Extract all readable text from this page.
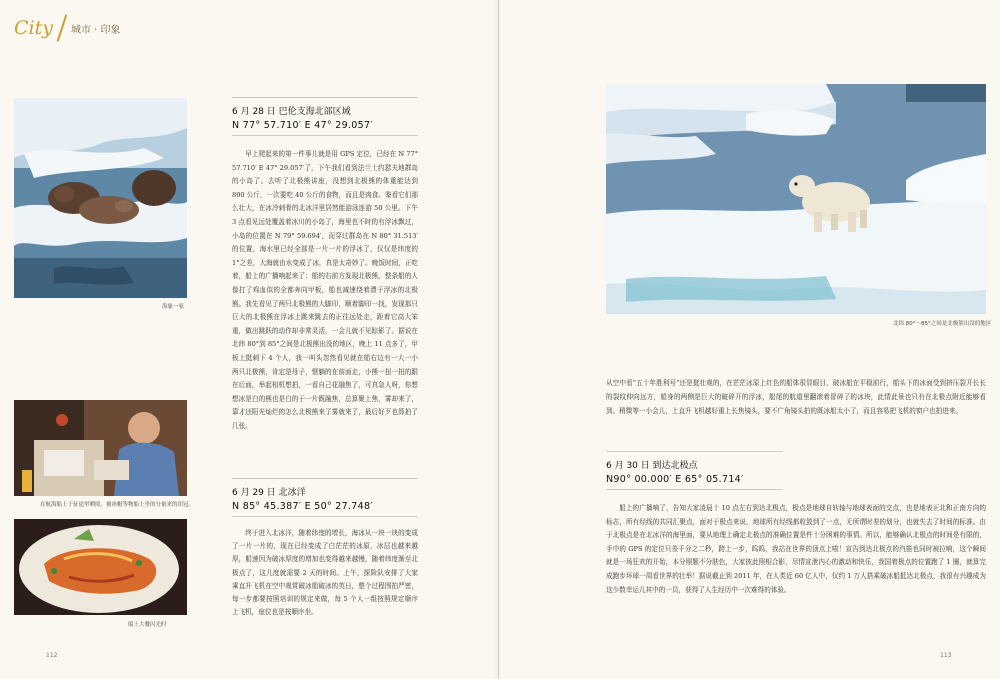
City 城市 · 印象
海象一家
在航海船上于征途里晒照、被冰帽等物船上坐的分量来的印冠。
船上大餐闪光时
6 月 28 日 巴伦支海北部区域
N 77° 57.710′ E 47° 29.057′

早上爬起来的第一件事儿就是用 GPS 定位，已经在 N 77° 57.710′ E 47° 29.057′了，下午我们看到法兰士约瑟夫地群岛的小岛了。去听了北极熊讲座，没想到北极熊的体重能达到 800 公斤，一次要吃 40 公斤的食物，而且是肉食。鉴看它们那么壮大，在冰冷刺骨的北冰洋里居然能游泳连游 50 公里。下午 3 点看见远处覆盖着冰川的小岛了，海里也不时的有浮冰飘过，小岛的位置在 N 79° 59.694′，而穿过群岛在 N 80° 31.513′的位置，海水里已经全部是一片一片的浮冰了，仅仅是纬度的 1°之差，大海就由水变成了冰，真是太奇妙了。晚饭时间，正吃着，船上的广播响起来了：船的右前方发现北极熊，整条船的人像打了鸡血似的全都奔向甲板，船也减速绕着漂于浮冰的北极熊。我先看见了两只北极熊的大脚印，顺着脚印一找，发现那只巨大的北极熊在浮冰上跳来跳去的正往远处走，距着它高大笨重，做出跳跃的动作却非常灵活，一会儿就不见踪影了。据说在北纬 80°到 85°之间是北极熊出没的地区，晚上 11 点多了，甲板上挺刺下 4 个人，我一叫头忽然看见就在船右边有一大一小两只北极熊，肯定是母子，惬躺的在前面走，小熊一扭一扭的跟在后面，举起相机想拍，一看自己花融焦了，可真急人呀，你想想冰是白的熊也是白的于一片既融焦，总算聚上焦，雾却来了，靠才还阳光灿烂的怎么北极熊来了雾就来了，最后好歹也算拍了几张。

6 月 29 日 北冰洋
N 85° 45.387′ E 50° 27.748′

终于进入北冰洋，随着纬度的增长，海冰从一块一块的变成了一片一片的，现在已经变成了白茫茫的冰原，冰层也越来越厚，船速因为破冰厚度的增加也变得越来越慢，随着纬度渐至北极点了，这儿度就需要 2 天的时间。上午，探险队安排了大家乘直升飞机在空中观赏破冰船破冰的英日，整个过程围拍严密，每一步都要按照培训的规定来做，每 5 个人一组按照规定顺序上飞机，座位也是按顺序坐。

112
北纬 80°～85°之间是北极熊出没的地区

从空中看“五十年胜利号”还是挺壮观的，在茫茫冰原上红色的船体很显眼目，破冰船在平稳前行，船头下的冰面受到挤压裂开长长的裂纹伸向远方，船身的两侧是巨大的破碎开的浮冰，船尾的航道里翻滚着冒碎了的冰块，此情此景也只有在北极点附近能够看到。稍微等一小会儿，上直升飞机越好重上长焦镜头，要不广角镜头拍的既冰船太小了，而且容易把飞机的窗户也拍进来。

6 月 30 日 到达北极点
N90° 00.000′ E 65° 05.714′

船上的广播响了，告知大家凌晨十 10 点左右到达北极点，极点是地球自转轴与地球表面的交点，也是地表正北和正南方向的标志，所有经线的共同汇聚点，面对于极点来说，地球所有经线都收敛到了一点，无所谓时差的划分，也就失去了时间的标准。由于北极点是在北冰洋的海里面，要从地理上确定北极点的准确位置是件十分困难的事情。所以，能够确认北极点的时间是有限的，手中的 GPS 的定位只差千分之二秒，跨上一步，呜呜，我站在世界的顶点上啦！宣告到达北极点的汽笛也同时被拉响，这个瞬间就是一场狂欢的开始，本分照题不分肤色，大家彼此照相合影，尽情宣泄内心的激动和快乐，我国着极点的位置跑了 1 圈，就算完成跑步环球一周看世界的壮举！据说截止到 2011 年，在人类近 60 亿人中，仅约 1 万人搭乘破冰船抵达北极点，我很有兴趣成为这少数幸运儿其中的一员，获得了人生经历中一次难得的体验。

113
